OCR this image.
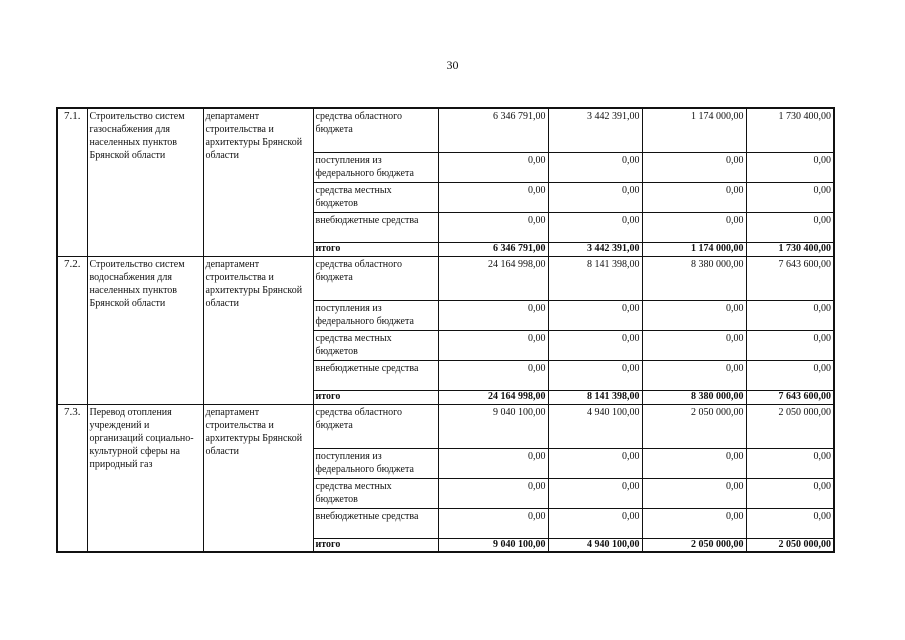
30
7.1.	Строительство систем газоснабжения для населенных пунктов Брянской области	департамент строительства и архитектуры Брянской области	средства областного бюджета	6 346 791,00	3 442 391,00	1 174 000,00	1 730 400,00
			поступления из федерального бюджета	0,00	0,00	0,00	0,00
			средства местных бюджетов	0,00	0,00	0,00	0,00
			внебюджетные средства	0,00	0,00	0,00	0,00
			итого	6 346 791,00	3 442 391,00	1 174 000,00	1 730 400,00
7.2.	Строительство систем водоснабжения для населенных пунктов Брянской области	департамент строительства и архитектуры Брянской области	средства областного бюджета	24 164 998,00	8 141 398,00	8 380 000,00	7 643 600,00
			поступления из федерального бюджета	0,00	0,00	0,00	0,00
			средства местных бюджетов	0,00	0,00	0,00	0,00
			внебюджетные средства	0,00	0,00	0,00	0,00
			итого	24 164 998,00	8 141 398,00	8 380 000,00	7 643 600,00
7.3.	Перевод отопления учреждений и организаций социально-культурной сферы на природный газ	департамент строительства и архитектуры Брянской области	средства областного бюджета	9 040 100,00	4 940 100,00	2 050 000,00	2 050 000,00
			поступления из федерального бюджета	0,00	0,00	0,00	0,00
			средства местных бюджетов	0,00	0,00	0,00	0,00
			внебюджетные средства	0,00	0,00	0,00	0,00
			итого	9 040 100,00	4 940 100,00	2 050 000,00	2 050 000,00
